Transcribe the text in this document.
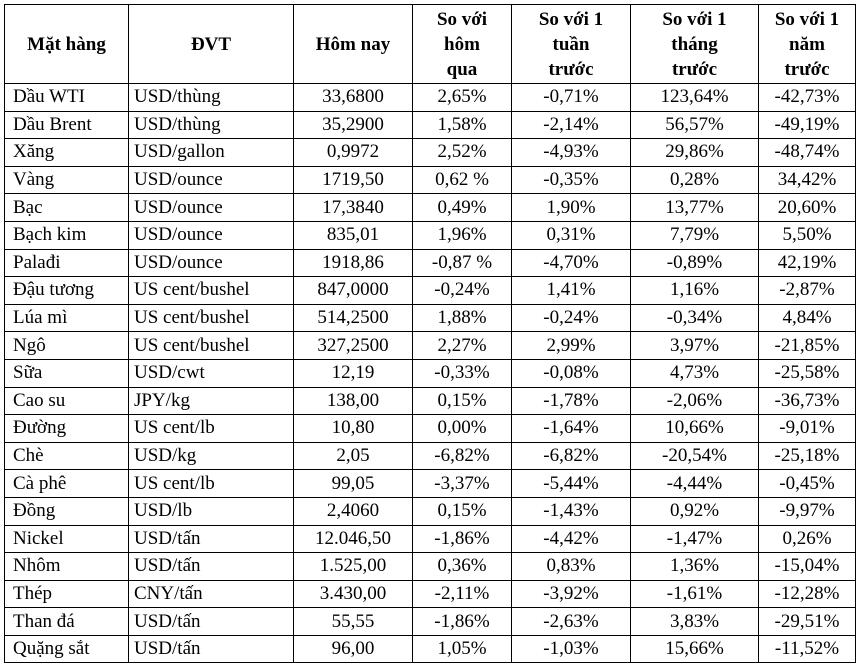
Mặt hàng	ĐVT	Hôm nay	So với
hôm
qua	So với 1
tuần
trước	So với 1
tháng
trước	So với 1
năm
trước
Dầu WTI	USD/thùng	33,6800	2,65%	-0,71%	123,64%	-42,73%
Dầu Brent	USD/thùng	35,2900	1,58%	-2,14%	56,57%	-49,19%
Xăng	USD/gallon	0,9972	2,52%	-4,93%	29,86%	-48,74%
Vàng	USD/ounce	1719,50	0,62 %	-0,35%	0,28%	34,42%
Bạc	USD/ounce	17,3840	0,49%	1,90%	13,77%	20,60%
Bạch kim	USD/ounce	835,01	1,96%	0,31%	7,79%	5,50%
Palađi	USD/ounce	1918,86	-0,87 %	-4,70%	-0,89%	42,19%
Đậu tương	US cent/bushel	847,0000	-0,24%	1,41%	1,16%	-2,87%
Lúa mì	US cent/bushel	514,2500	1,88%	-0,24%	-0,34%	4,84%
Ngô	US cent/bushel	327,2500	2,27%	2,99%	3,97%	-21,85%
Sữa	USD/cwt	12,19	-0,33%	-0,08%	4,73%	-25,58%
Cao su	JPY/kg	138,00	0,15%	-1,78%	-2,06%	-36,73%
Đường	US cent/lb	10,80	0,00%	-1,64%	10,66%	-9,01%
Chè	USD/kg	2,05	-6,82%	-6,82%	-20,54%	-25,18%
Cà phê	US cent/lb	99,05	-3,37%	-5,44%	-4,44%	-0,45%
Đồng	USD/lb	2,4060	0,15%	-1,43%	0,92%	-9,97%
Nickel	USD/tấn	12.046,50	-1,86%	-4,42%	-1,47%	0,26%
Nhôm	USD/tấn	1.525,00	0,36%	0,83%	1,36%	-15,04%
Thép	CNY/tấn	3.430,00	-2,11%	-3,92%	-1,61%	-12,28%
Than đá	USD/tấn	55,55	-1,86%	-2,63%	3,83%	-29,51%
Quặng sắt	USD/tấn	96,00	1,05%	-1,03%	15,66%	-11,52%
